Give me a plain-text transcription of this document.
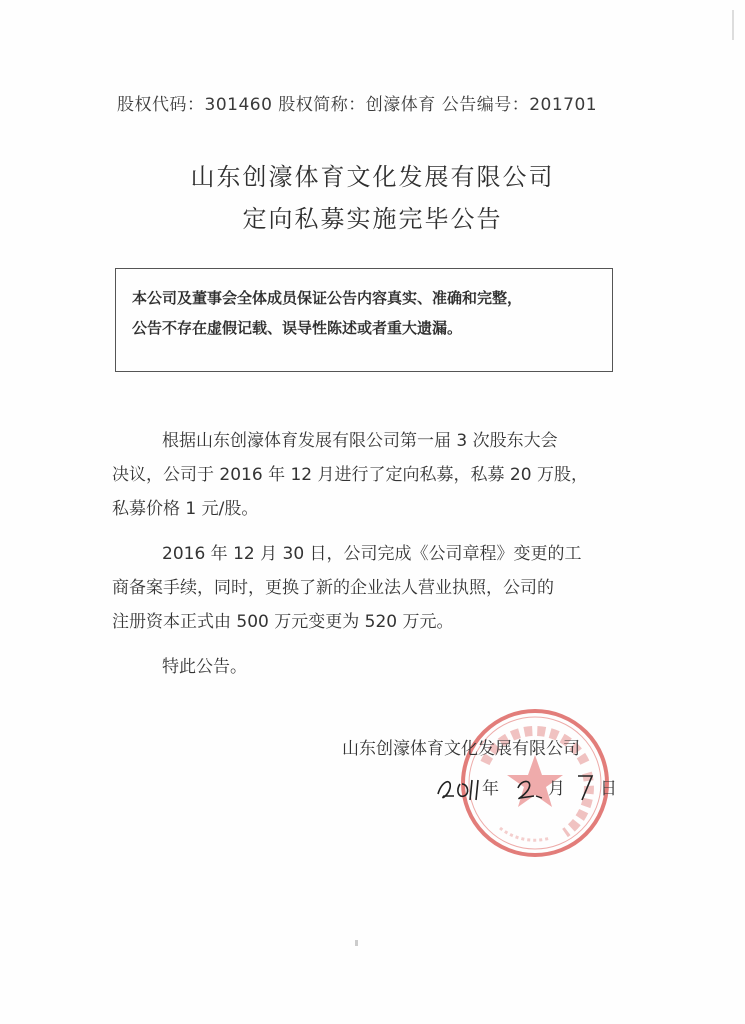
股权代码：301460 股权简称：创濠体育 公告编号：201701
山东创濠体育文化发展有限公司
定向私募实施完毕公告
本公司及董事会全体成员保证公告内容真实、准确和完整，
公告不存在虚假记载、误导性陈述或者重大遗漏。
根据山东创濠体育发展有限公司第一届 3 次股东大会
决议，公司于 2016 年 12 月进行了定向私募，私募 20 万股，
私募价格 1 元/股。
2016 年 12 月 30 日，公司完成《公司章程》变更的工
商备案手续，同时，更换了新的企业法人营业执照，公司的
注册资本正式由 500 万元变更为 520 万元。
特此公告。
山东创濠体育文化发展有限公司
年	月 日
